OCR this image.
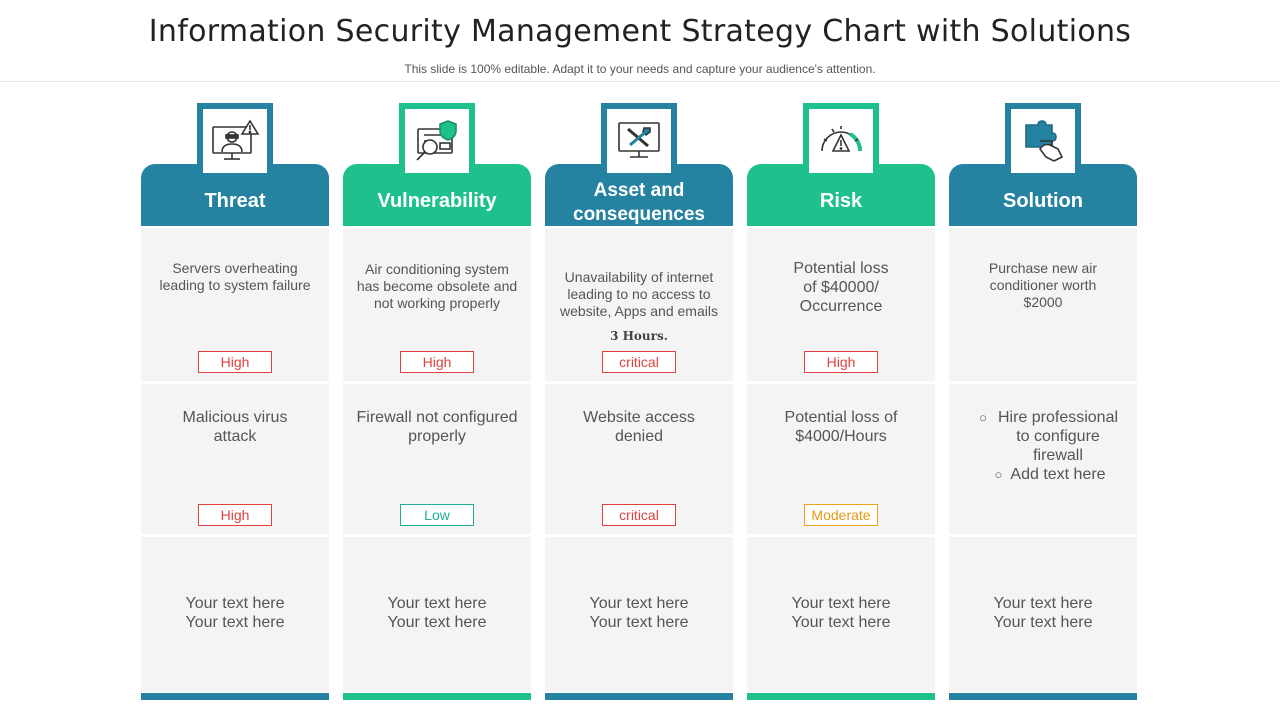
Information Security Management Strategy Chart with Solutions
This slide is 100% editable. Adapt it to your needs and capture your audience's attention.
Threat
Servers overheating leading to system failure
High
Malicious virus attack
High
Your text here
Your text here
Vulnerability
Air conditioning system has become obsolete and not working properly
High
Firewall not configured properly
Low
Your text here
Your text here
Asset and consequences
Unavailability of internet leading to no access to website, Apps and emails
3 Hours.
critical
Website access denied
critical
Your text here
Your text here
Risk
Potential loss of $40000/ Occurrence
High
Potential loss of $4000/Hours
Moderate
Your text here
Your text here
Solution
Purchase new air conditioner worth $2000
○ Hire professional to configure firewall
○ Add text here
Your text here
Your text here
